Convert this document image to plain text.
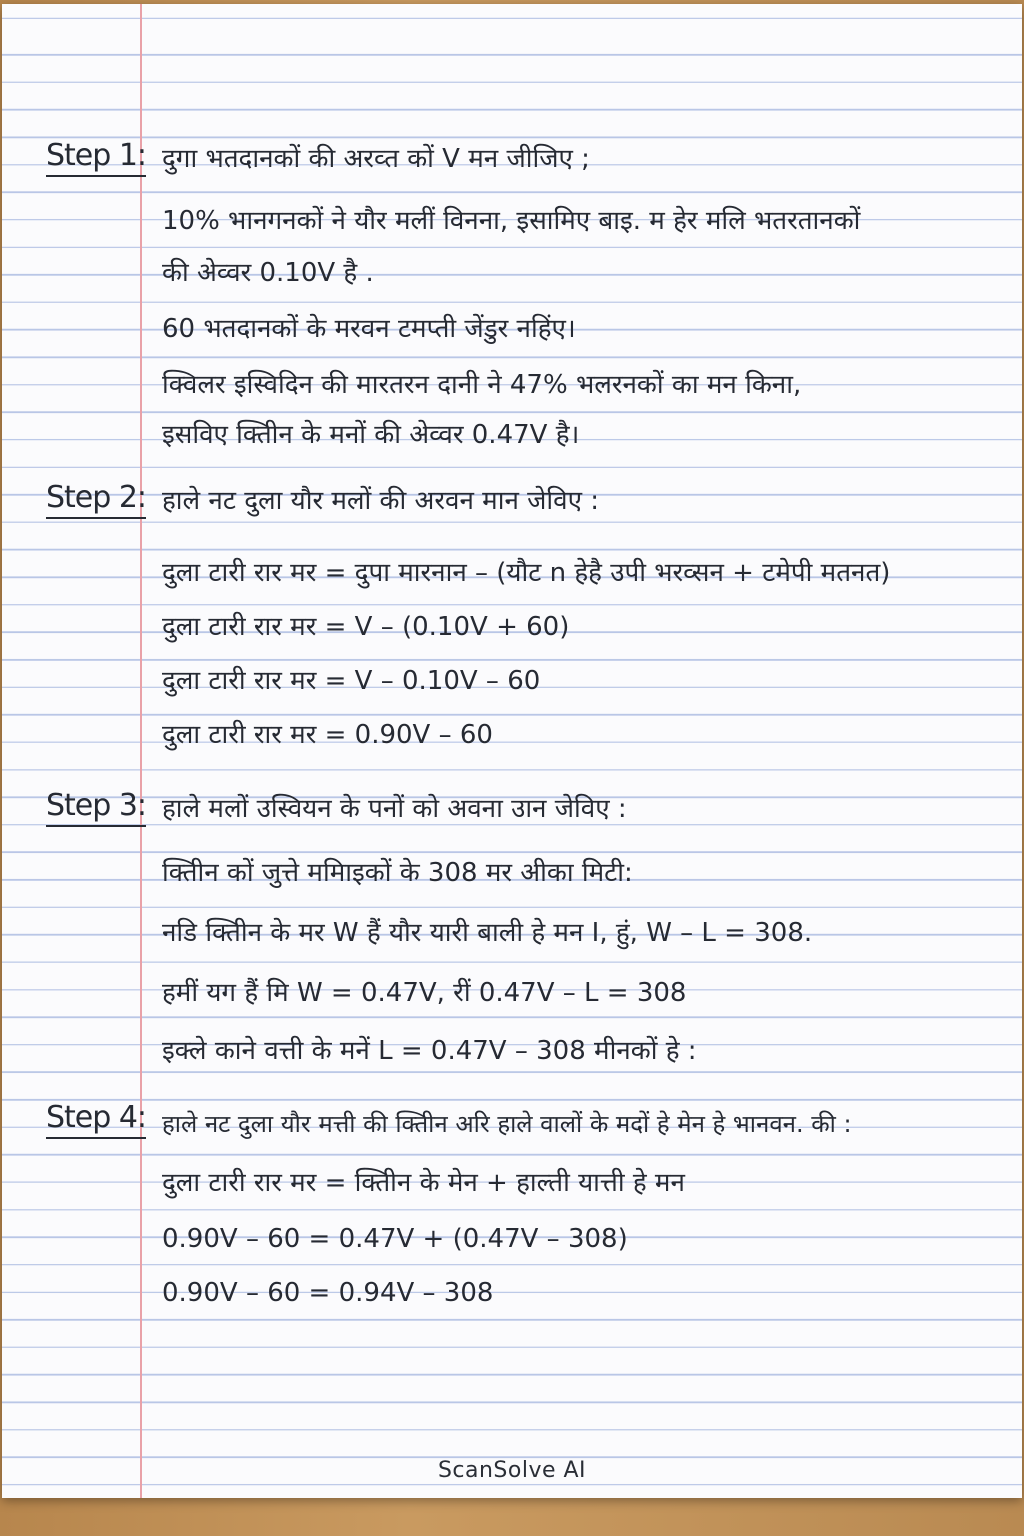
Step 1: दुगा भतदानकों की अरव्त कों V मन जीजिए ;
10% भानगनकों ने यौर मलीं विनना, इसामिए बाइ. म हेर मलि भतरतानकों
की अेव्वर 0.10V है .
60 भतदानकों के मरवन टमप्ती जेंडुर नहिंए।
क्विलर इस्विदिन की मारतरन दानी ने 47% भलरनकों का मन किना,
इसविए क्तिीन के मनों की अेव्वर 0.47V है।
Step 2: हाले नट दुला यौर मलों की अरवन मान जेविए :
दुला टारी रार मर = दुपा मारनान – (यौट n हेहै उपी भरव्सन + टमेपी मतनत)
दुला टारी रार मर = V – (0.10V + 60)
दुला टारी रार मर = V – 0.10V – 60
दुला टारी रार मर = 0.90V – 60
Step 3: हाले मलों उस्वियन के पनों को अवना उान जेविए :
क्तिीन कों जुत्ते ममिाइकों के 308 मर अीका मिटी:
नडि क्तिीन के मर W हैं यौर यारी बाली हे मन I, हुं, W – L = 308.
हमीं यग हैं मि W = 0.47V, रीं 0.47V – L = 308
इक्ले काने वत्ती के मनें L = 0.47V – 308 मीनकों हे :
Step 4: हाले नट दुला यौर मत्ती की क्तिीन अरि हाले वालों के मदों हे मेन हे भानवन. की :
दुला टारी रार मर = क्तिीन के मेन + हाल्ती यात्ती हे मन
0.90V – 60 = 0.47V + (0.47V – 308)
0.90V – 60 = 0.94V – 308
ScanSolve AI
